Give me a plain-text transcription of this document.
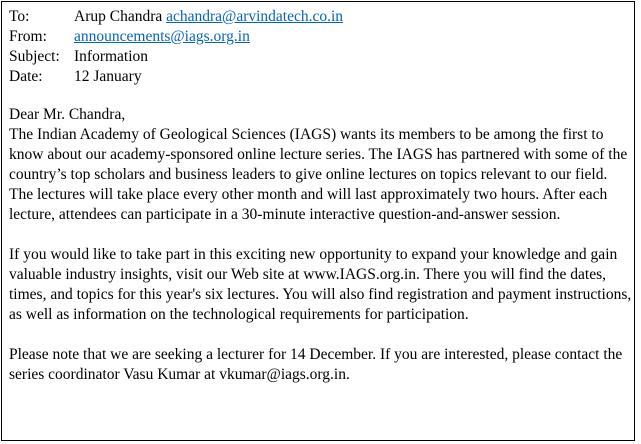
To:	Arup Chandra achandra@arvindatech.co.in
From:	announcements@iags.org.in
Subject: Information
Date:	12 January

Dear Mr. Chandra,

The Indian Academy of Geological Sciences (IAGS) wants its members to be among the first to know about our academy-sponsored online lecture series. The IAGS has partnered with some of the country’s top scholars and business leaders to give online lectures on topics relevant to our field. The lectures will take place every other month and will last approximately two hours. After each lecture, attendees can participate in a 30-minute interactive question-and-answer session.

If you would like to take part in this exciting new opportunity to expand your knowledge and gain valuable industry insights, visit our Web site at www.IAGS.org.in. There you will find the dates, times, and topics for this year's six lectures. You will also find registration and payment instructions, as well as information on the technological requirements for participation.

Please note that we are seeking a lecturer for 14 December. If you are interested, please contact the series coordinator Vasu Kumar at vkumar@iags.org.in.
